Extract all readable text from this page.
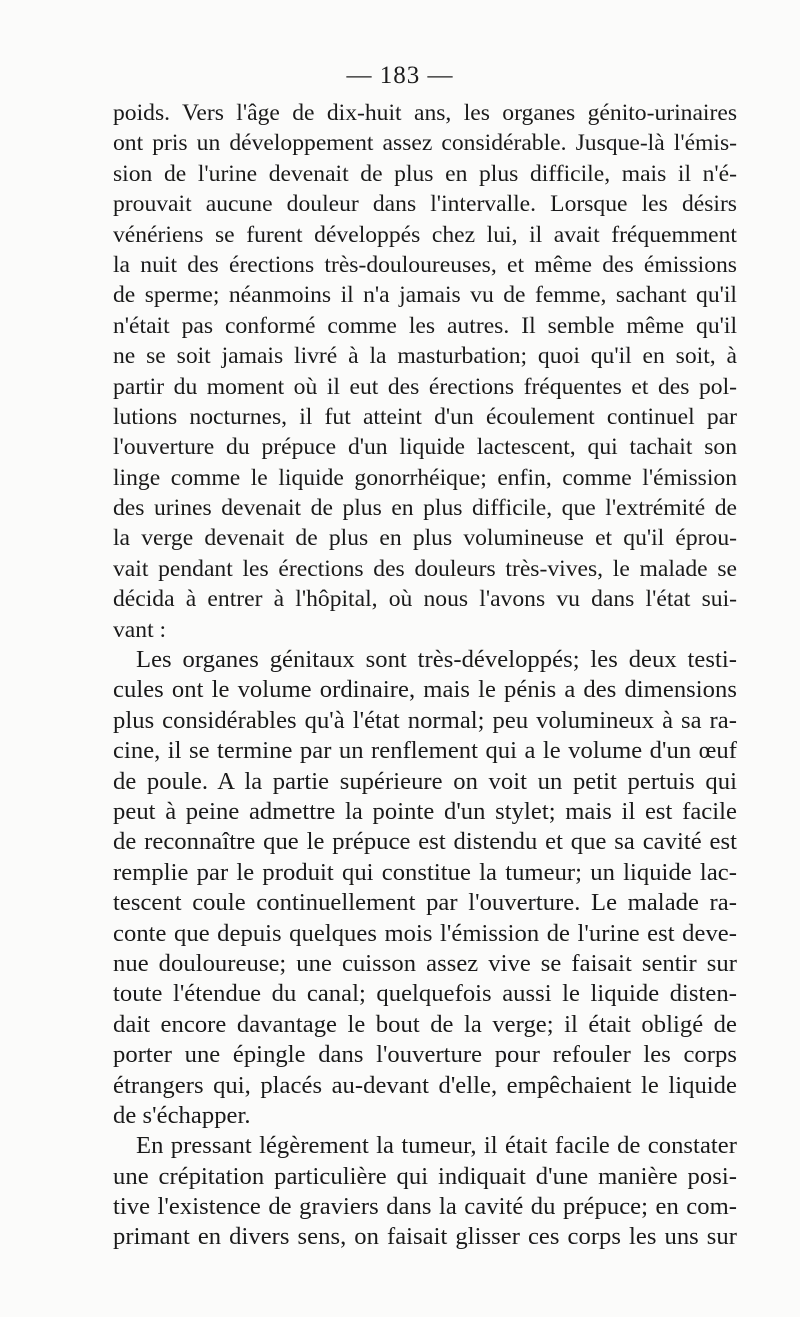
— 183 —
poids. Vers l'âge de dix-huit ans, les organes génito-urinaires
ont pris un développement assez considérable. Jusque-là l'émis-
sion de l'urine devenait de plus en plus difficile, mais il n'é-
prouvait aucune douleur dans l'intervalle. Lorsque les désirs
vénériens se furent développés chez lui, il avait fréquemment
la nuit des érections très-douloureuses, et même des émissions
de sperme; néanmoins il n'a jamais vu de femme, sachant qu'il
n'était pas conformé comme les autres. Il semble même qu'il
ne se soit jamais livré à la masturbation; quoi qu'il en soit, à
partir du moment où il eut des érections fréquentes et des pol-
lutions nocturnes, il fut atteint d'un écoulement continuel par
l'ouverture du prépuce d'un liquide lactescent, qui tachait son
linge comme le liquide gonorrhéique; enfin, comme l'émission
des urines devenait de plus en plus difficile, que l'extrémité de
la verge devenait de plus en plus volumineuse et qu'il éprou-
vait pendant les érections des douleurs très-vives, le malade se
décida à entrer à l'hôpital, où nous l'avons vu dans l'état sui-
vant :
Les organes génitaux sont très-développés; les deux testi-
cules ont le volume ordinaire, mais le pénis a des dimensions
plus considérables qu'à l'état normal; peu volumineux à sa ra-
cine, il se termine par un renflement qui a le volume d'un œuf
de poule. A la partie supérieure on voit un petit pertuis qui
peut à peine admettre la pointe d'un stylet; mais il est facile
de reconnaître que le prépuce est distendu et que sa cavité est
remplie par le produit qui constitue la tumeur; un liquide lac-
tescent coule continuellement par l'ouverture. Le malade ra-
conte que depuis quelques mois l'émission de l'urine est deve-
nue douloureuse; une cuisson assez vive se faisait sentir sur
toute l'étendue du canal; quelquefois aussi le liquide disten-
dait encore davantage le bout de la verge; il était obligé de
porter une épingle dans l'ouverture pour refouler les corps
étrangers qui, placés au-devant d'elle, empêchaient le liquide
de s'échapper.
En pressant légèrement la tumeur, il était facile de constater
une crépitation particulière qui indiquait d'une manière posi-
tive l'existence de graviers dans la cavité du prépuce; en com-
primant en divers sens, on faisait glisser ces corps les uns sur
